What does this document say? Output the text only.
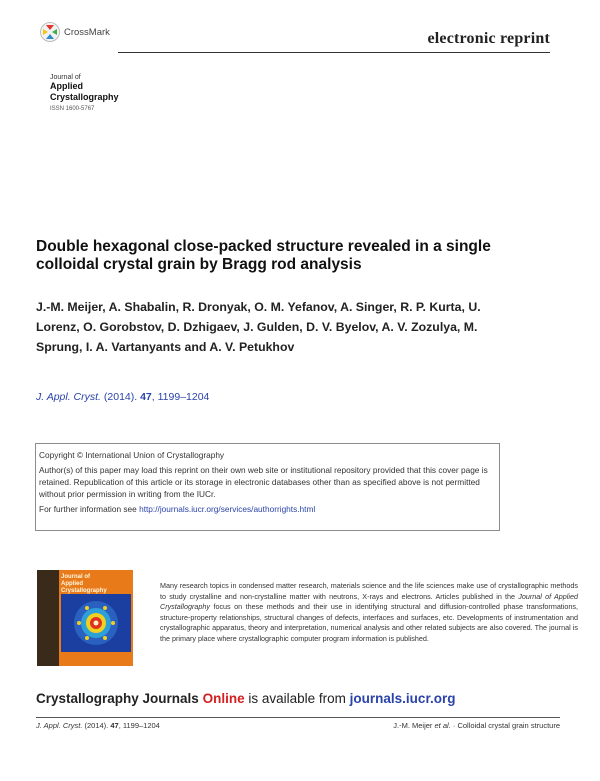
CrossMark	electronic reprint
Journal of
Applied
Crystallography
ISSN 1600-5767
Double hexagonal close-packed structure revealed in a single colloidal crystal grain by Bragg rod analysis
J.-M. Meijer, A. Shabalin, R. Dronyak, O. M. Yefanov, A. Singer, R. P. Kurta, U. Lorenz, O. Gorobstov, D. Dzhigaev, J. Gulden, D. V. Byelov, A. V. Zozulya, M. Sprung, I. A. Vartanyants and A. V. Petukhov
J. Appl. Cryst. (2014). 47, 1199–1204

Copyright © International Union of Crystallography

Author(s) of this paper may load this reprint on their own web site or institutional repository provided that this cover page is retained. Republication of this article or its storage in electronic databases other than as specified above is not permitted without prior permission in writing from the IUCr.

For further information see http://journals.iucr.org/services/authorrights.html

Journal of
Applied
Crystallography
Many research topics in condensed matter research, materials science and the life sciences make use of crystallographic methods to study crystalline and non-crystalline matter with neutrons, X-rays and electrons. Articles published in the Journal of Applied Crystallography focus on these methods and their use in identifying structural and diffusion-controlled phase transformations, structure-property relationships, structural changes of defects, interfaces and surfaces, etc. Developments of instrumentation and crystallographic apparatus, theory and interpretation, numerical analysis and other related subjects are also covered. The journal is the primary place where crystallographic computer program information is published.
Crystallography Journals Online is available from journals.iucr.org
J. Appl. Cryst. (2014). 47, 1199–1204	J.-M. Meijer et al. · Colloidal crystal grain structure
